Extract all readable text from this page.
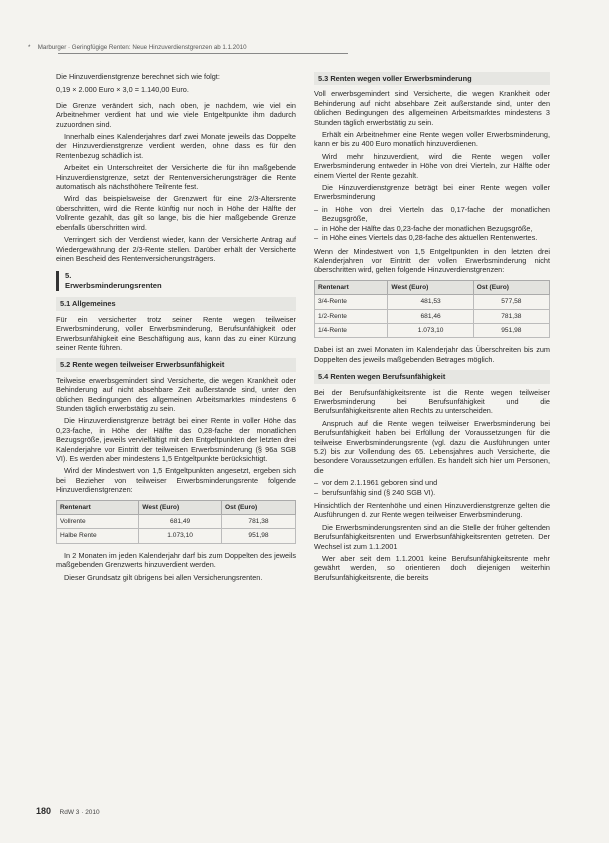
* Marburger · Geringfügige Renten: Neue Hinzuverdienstgrenzen ab 1.1.2010

Die Hinzuverdienstgrenze berechnet sich wie folgt:

0,19 × 2.000 Euro × 3,0 = 1.140,00 Euro.

Die Grenze verändert sich, nach oben, je nachdem, wie viel ein Arbeitnehmer verdient hat und wie viele Entgeltpunkte ihm dadurch zuzuordnen sind.

Innerhalb eines Kalenderjahres darf zwei Monate jeweils das Doppelte der Hinzuverdienstgrenze verdient werden, ohne dass es für den Rentenbezug schädlich ist.

Arbeitet ein Unterschreitet der Versicherte die für ihn maßgebende Hinzuverdienstgrenze, setzt der Rentenversicherungsträger die Rente automatisch als nächsthöhere Teilrente fest.

Wird das beispielsweise der Grenzwert für eine 2/3-Altersrente überschritten, wird die Rente künftig nur noch in Höhe der Hälfte der Vollrente gezahlt, das gilt so lange, bis die hier maßgebende Grenze ebenfalls überschritten wird.

Verringert sich der Verdienst wieder, kann der Versicherte Antrag auf Wiedergewährung der 2/3-Rente stellen. Darüber erhält der Versicherte einen Bescheid des Rentenversicherungsträgers.

5.
Erwerbsminderungsrenten
5.1 Allgemeines

Für ein versicherter trotz seiner Rente wegen teilweiser Erwerbsminderung, voller Erwerbsminderung, Berufsunfähigkeit oder Erwerbsunfähigkeit eine Beschäftigung aus, kann das zu einer Kürzung seiner Rente führen.

5.2 Rente wegen teilweiser Erwerbsunfähigkeit

Teilweise erwerbsgemindert sind Versicherte, die wegen Krankheit oder Behinderung auf nicht absehbare Zeit außerstande sind, unter den üblichen Bedingungen des allgemeinen Arbeitsmarktes mindestens 6 Stunden täglich erwerbstätig zu sein.

Die Hinzuverdienstgrenze beträgt bei einer Rente in voller Höhe das 0,23-fache, in Höhe der Hälfte das 0,28-fache der monatlichen Bezugsgröße, jeweils vervielfältigt mit den Entgeltpunkten der letzten drei Kalenderjahre vor Eintritt der teilweisen Erwerbsminderung (§ 96a SGB VI). Es werden aber mindestens 1,5 Entgeltpunkte berücksichtigt.

Wird der Mindestwert von 1,5 Entgeltpunkten angesetzt, ergeben sich bei Bezieher von teilweiser Erwerbsminderungsrente folgende Hinzuverdienstgrenzen:

Rentenart	West (Euro)	Ost (Euro)
Vollrente	681,49	781,38
Halbe Rente	1.073,10	951,98

In 2 Monaten im jeden Kalenderjahr darf bis zum Doppelten des jeweils maßgebenden Grenzwerts hinzuverdient werden.

Dieser Grundsatz gilt übrigens bei allen Versicherungsrenten.

5.3 Renten wegen voller Erwerbsminderung

Voll erwerbsgemindert sind Versicherte, die wegen Krankheit oder Behinderung auf nicht absehbare Zeit außerstande sind, unter den üblichen Bedingungen des allgemeinen Arbeitsmarktes mindestens 3 Stunden täglich erwerbstätig zu sein.

Erhält ein Arbeitnehmer eine Rente wegen voller Erwerbsminderung, kann er bis zu 400 Euro monatlich hinzuverdienen.

Wird mehr hinzuverdient, wird die Rente wegen voller Erwerbsminderung entweder in Höhe von drei Vierteln, zur Hälfte oder einem Viertel der Rente gezahlt.

Die Hinzuverdienstgrenze beträgt bei einer Rente wegen voller Erwerbsminderung

– in Höhe von drei Vierteln das 0,17-fache der monatlichen Bezugsgröße,
– in Höhe der Hälfte das 0,23-fache der monatlichen Bezugsgröße,
– in Höhe eines Viertels das 0,28-fache des aktuellen Rentenwertes.

Wenn der Mindestwert von 1,5 Entgeltpunkten in den letzten drei Kalenderjahren vor Eintritt der vollen Erwerbsminderung nicht überschritten wird, gelten folgende Hinzuverdienstgrenzen:

Rentenart	West (Euro)	Ost (Euro)
3/4-Rente	481,53	577,58
1/2-Rente	681,46	781,38
1/4-Rente	1.073,10	951,98

Dabei ist an zwei Monaten im Kalenderjahr das Überschreiten bis zum Doppelten des jeweils maßgebenden Betrages möglich.

5.4 Renten wegen Berufsunfähigkeit

Bei der Berufsunfähigkeitsrente ist die Rente wegen teilweiser Erwerbsminderung bei Berufsunfähigkeit und die Berufsunfähigkeitsrente alten Rechts zu unterscheiden.

Anspruch auf die Rente wegen teilweiser Erwerbsminderung bei Berufsunfähigkeit haben bei Erfüllung der Voraussetzungen für die teilweise Erwerbsminderungsrente (vgl. dazu die Ausführungen unter 5.2) bis zur Vollendung des 65. Lebensjahres auch Versicherte, die besondere Voraussetzungen erfüllen. Es handelt sich hier um Personen, die

– vor dem 2.1.1961 geboren sind und
– berufsunfähig sind (§ 240 SGB VI).

Hinsichtlich der Rentenhöhe und einen Hinzuverdienstgrenze gelten die Ausführungen d. zur Rente wegen teilweiser Erwerbsminderung.

Die Erwerbsminderungsrenten sind an die Stelle der früher geltenden Berufsunfähigkeitsrenten und Erwerbsunfähigkeitsrenten getreten. Der Wechsel ist zum 1.1.2001

Wer aber seit dem 1.1.2001 keine Berufsunfähigkeitsrente mehr gewährt werden, so orientieren doch diejenigen weiterhin Berufsunfähigkeitsrente, die bereits

180 RdW 3 · 2010
